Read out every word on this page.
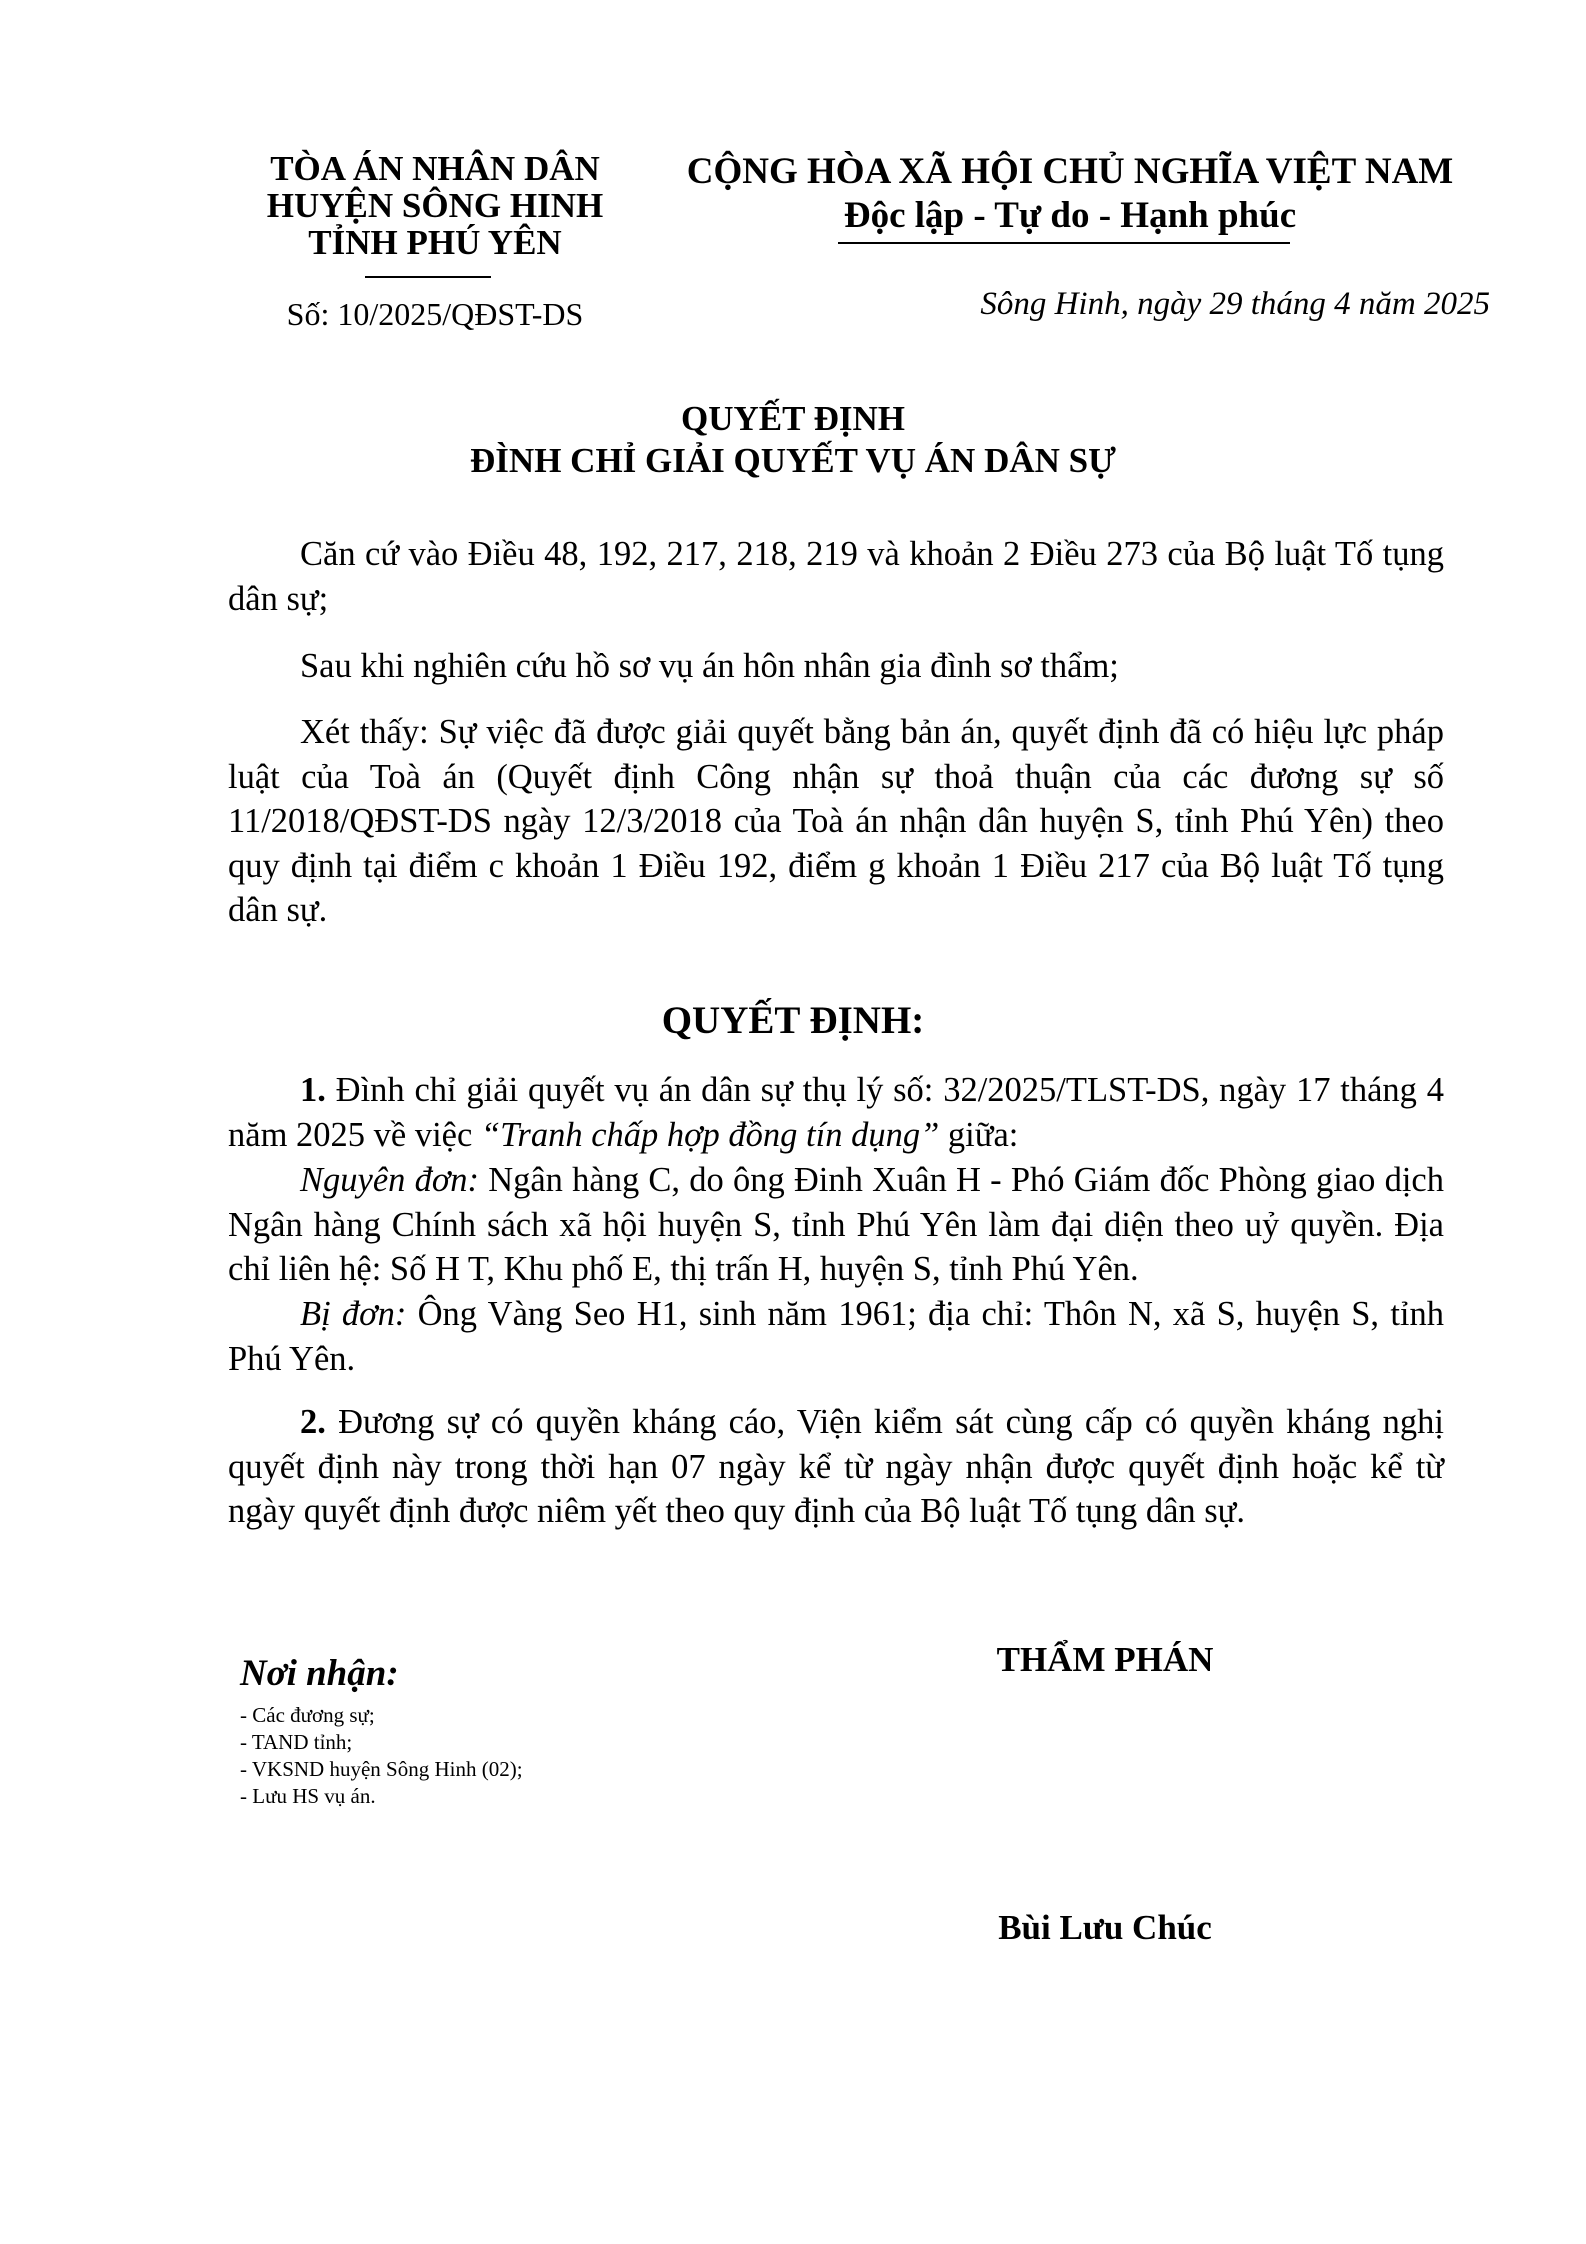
TÒA ÁN NHÂN DÂN
HUYỆN SÔNG HINH
TỈNH PHÚ YÊN
Số: 10/2025/QĐST-DS
CỘNG HÒA XÃ HỘI CHỦ NGHĨA VIỆT NAM
Độc lập - Tự do - Hạnh phúc
Sông Hinh, ngày 29 tháng 4 năm 2025
QUYẾT ĐỊNH
ĐÌNH CHỈ GIẢI QUYẾT VỤ ÁN DÂN SỰ
Căn cứ vào Điều 48, 192, 217, 218, 219 và khoản 2 Điều 273 của Bộ luật Tố tụng dân sự;
Sau khi nghiên cứu hồ sơ vụ án hôn nhân gia đình sơ thẩm;
Xét thấy: Sự việc đã được giải quyết bằng bản án, quyết định đã có hiệu lực pháp luật của Toà án (Quyết định Công nhận sự thoả thuận của các đương sự số 11/2018/QĐST-DS ngày 12/3/2018 của Toà án nhận dân huyện S, tỉnh Phú Yên) theo quy định tại điểm c khoản 1 Điều 192, điểm g khoản 1 Điều 217 của Bộ luật Tố tụng dân sự.
QUYẾT ĐỊNH:
1. Đình chỉ giải quyết vụ án dân sự thụ lý số: 32/2025/TLST-DS, ngày 17 tháng 4 năm 2025 về việc “Tranh chấp hợp đồng tín dụng” giữa:
Nguyên đơn: Ngân hàng C, do ông Đinh Xuân H - Phó Giám đốc Phòng giao dịch Ngân hàng Chính sách xã hội huyện S, tỉnh Phú Yên làm đại diện theo uỷ quyền. Địa chỉ liên hệ: Số H T, Khu phố E, thị trấn H, huyện S, tỉnh Phú Yên.
Bị đơn: Ông Vàng Seo H1, sinh năm 1961; địa chỉ: Thôn N, xã S, huyện S, tỉnh Phú Yên.
2. Đương sự có quyền kháng cáo, Viện kiểm sát cùng cấp có quyền kháng nghị quyết định này trong thời hạn 07 ngày kể từ ngày nhận được quyết định hoặc kể từ ngày quyết định được niêm yết theo quy định của Bộ luật Tố tụng dân sự.
Nơi nhận:
- Các đương sự;
- TAND tỉnh;
- VKSND huyện Sông Hinh (02);
- Lưu HS vụ án.
THẨM PHÁN
Bùi Lưu Chúc
